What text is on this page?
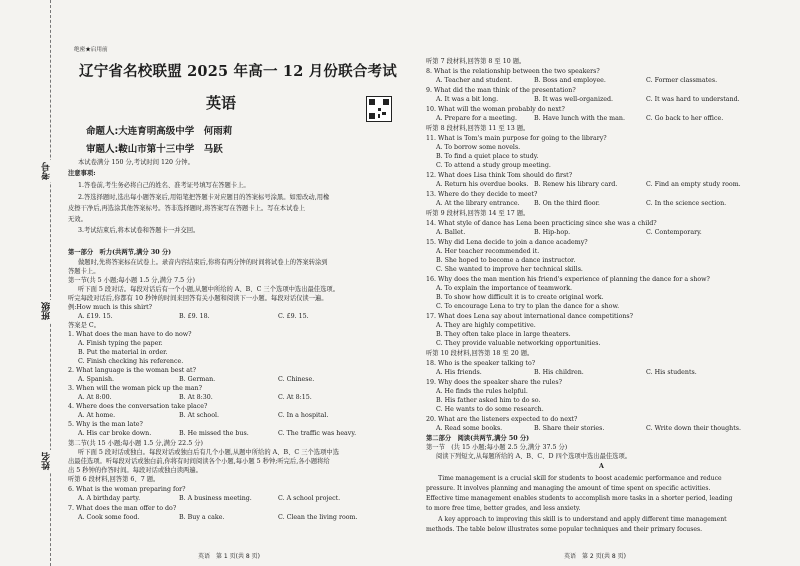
考号
班级
姓名
绝密★启用前
辽宁省名校联盟 2025 年高一 12 月份联合考试
英语
命题人:大连育明高级中学　何雨莉
审题人:鞍山市第十三中学　马跃
本试卷满分 150 分,考试时间 120 分钟。
注意事项:
1.答卷前,考生务必将自己的姓名、准考证号填写在答题卡上。
2.答选择题时,选出每小题答案后,用铅笔把答题卡对应题目的答案标号涂黑。如需改动,用橡
皮擦干净后,再选涂其他答案标号。答非选择题时,将答案写在答题卡上。写在本试卷上
无效。
3.考试结束后,将本试卷和答题卡一并交回。
第一部分　听力(共两节,满分 30 分)
做题时,先将答案标在试卷上。录音内容结束后,你将有两分钟的时间将试卷上的答案转涂到
答题卡上。
第一节(共 5 小题;每小题 1.5 分,满分 7.5 分)
听下面 5 段对话。每段对话后有一个小题,从题中所给的 A、B、C 三个选项中选出最佳选项。
听完每段对话后,你都有 10 秒钟的时间来回答有关小题和阅读下一小题。每段对话仅读一遍。
例:How much is this shirt?
A. £19. 15.	B. £9. 18.	C. £9. 15.
答案是 C。
1. What does the man have to do now?
A. Finish typing the paper.
B. Put the material in order.
C. Finish checking his reference.
2. What language is the woman best at?
A. Spanish.	B. German.	C. Chinese.
3. When will the woman pick up the man?
A. At 8:00.	B. At 8:30.	C. At 8:15.
4. Where does the conversation take place?
A. At home.	B. At school.	C. In a hospital.
5. Why is the man late?
A. His car broke down.	B. He missed the bus.	C. The traffic was heavy.
第二节(共 15 小题;每小题 1.5 分,满分 22.5 分)
听下面 5 段对话或独白。每段对话或独白后有几个小题,从题中所给的 A、B、C 三个选项中选
出最佳选项。听每段对话或独白前,你将有时间阅读各个小题,每小题 5 秒钟;听完后,各小题将给
出 5 秒钟的作答时间。每段对话或独白读两遍。
听第 6 段材料,回答第 6、7 题。
6. What is the woman preparing for?
A. A birthday party.	B. A business meeting.	C. A school project.
7. What does the man offer to do?
A. Cook some food.	B. Buy a cake.	C. Clean the living room.
英语　第 1 页(共 8 页)
听第 7 段材料,回答第 8 至 10 题。
8. What is the relationship between the two speakers?
A. Teacher and student.	B. Boss and employee.	C. Former classmates.
9. What did the man think of the presentation?
A. It was a bit long.	B. It was well-organized.	C. It was hard to understand.
10. What will the woman probably do next?
A. Prepare for a meeting.	B. Have lunch with the man.	C. Go back to her office.
听第 8 段材料,回答第 11 至 13 题。
11. What is Tom's main purpose for going to the library?
A. To borrow some novels.
B. To find a quiet place to study.
C. To attend a study group meeting.
12. What does Lisa think Tom should do first?
A. Return his overdue books. B. Renew his library card.	C. Find an empty study room.
13. Where do they decide to meet?
A. At the library entrance. B. On the third floor.	C. In the science section.
听第 9 段材料,回答第 14 至 17 题。
14. What style of dance has Lena been practicing since she was a child?
A. Ballet.	B. Hip-hop.	C. Contemporary.
15. Why did Lena decide to join a dance academy?
A. Her teacher recommended it.
B. She hoped to become a dance instructor.
C. She wanted to improve her technical skills.
16. Why does the man mention his friend's experience of planning the dance for a show?
A. To explain the importance of teamwork.
B. To show how difficult it is to create original work.
C. To encourage Lena to try to plan the dance for a show.
17. What does Lena say about international dance competitions?
A. They are highly competitive.
B. They often take place in large theaters.
C. They provide valuable networking opportunities.
听第 10 段材料,回答第 18 至 20 题。
18. Who is the speaker talking to?
A. His friends.	B. His children.	C. His students.
19. Why does the speaker share the rules?
A. He finds the rules helpful.
B. His father asked him to do so.
C. He wants to do some research.
20. What are the listeners expected to do next?
A. Read some books.	B. Share their stories.	C. Write down their thoughts.
第二部分　阅读(共两节,满分 50 分)
第一节　(共 15 小题;每小题 2.5 分,满分 37.5 分)
阅读下列短文,从每题所给的 A、B、C、D 四个选项中选出最佳选项。
A
　　Time management is a crucial skill for students to boost academic performance and reduce
pressure. It involves planning and managing the amount of time spent on specific activities.
Effective time management enables students to accomplish more tasks in a shorter period, leading
to more free time, better grades, and less anxiety.
　　A key approach to improving this skill is to understand and apply different time management
methods. The table below illustrates some popular techniques and their primary focuses.
英语　第 2 页(共 8 页)
